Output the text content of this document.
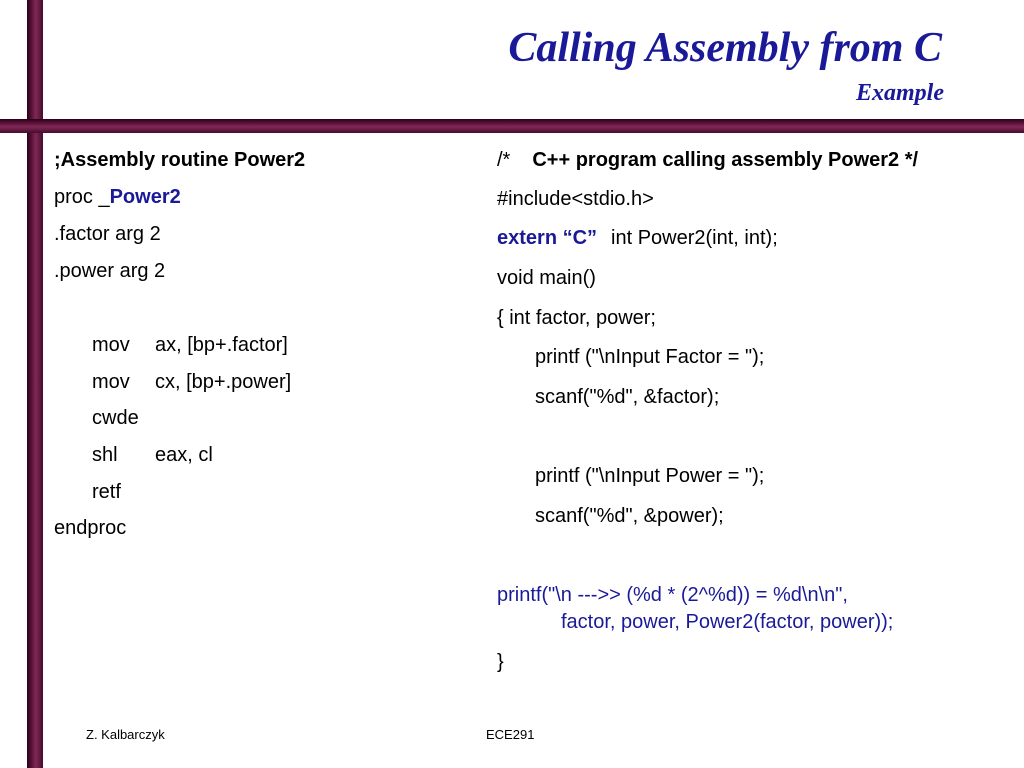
Calling Assembly from C
Example
;Assembly routine Power2
proc _Power2
.factor arg 2
.power arg 2
mov ax, [bp+.factor]
mov cx, [bp+.power]
cwde
shl eax, cl
retf
endproc
/* C++ program calling assembly Power2 */
#include<stdio.h>
extern “C” int Power2(int, int);
void main()
{ int factor, power;
printf ("\nInput Factor = ");
scanf("%d", &factor);
printf ("\nInput Power = ");
scanf("%d", &power);
printf("\n --->> (%d * (2^%d)) = %d\n\n",
factor, power, Power2(factor, power));
}
Z. Kalbarczyk	ECE291
